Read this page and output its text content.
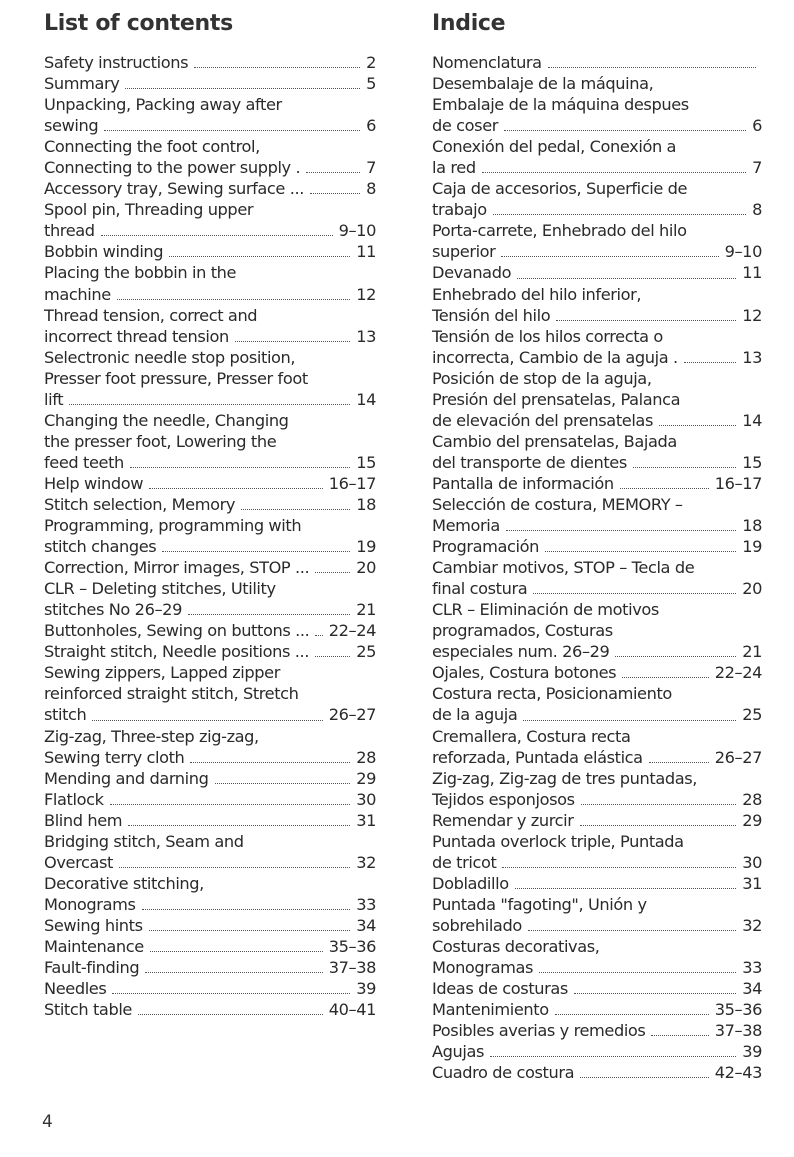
List of contents
Safety instructions	2
Summary	5
Unpacking, Packing away after
sewing	6
Connecting the foot control,
Connecting to the power supply .	7
Accessory tray, Sewing surface ...	8
Spool pin, Threading upper
thread	9–10
Bobbin winding	11
Placing the bobbin in the
machine	12
Thread tension, correct and
incorrect thread tension	13
Selectronic needle stop position,
Presser foot pressure, Presser foot
lift	14
Changing the needle, Changing
the presser foot, Lowering the
feed teeth	15
Help window	16–17
Stitch selection, Memory	18
Programming, programming with
stitch changes	19
Correction, Mirror images, STOP ...	20
CLR – Deleting stitches, Utility
stitches No 26–29	21
Buttonholes, Sewing on buttons ... 22–24
Straight stitch, Needle positions ...	25
Sewing zippers, Lapped zipper
reinforced straight stitch, Stretch
stitch	26–27
Zig-zag, Three-step zig-zag,
Sewing terry cloth	28
Mending and darning	29
Flatlock	30
Blind hem	31
Bridging stitch, Seam and
Overcast	32
Decorative stitching,
Monograms	33
Sewing hints	34
Maintenance	35–36
Fault-finding	37–38
Needles	39
Stitch table	40–41
Indice
Nomenclatura
Desembalaje de la máquina,
Embalaje de la máquina despues
de coser	6
Conexión del pedal, Conexión a
la red	7
Caja de accesorios, Superficie de
trabajo	8
Porta-carrete, Enhebrado del hilo
superior	9–10
Devanado	11
Enhebrado del hilo inferior,
Tensión del hilo	12
Tensión de los hilos correcta o
incorrecta, Cambio de la aguja .	13
Posición de stop de la aguja,
Presión del prensatelas, Palanca
de elevación del prensatelas	14
Cambio del prensatelas, Bajada
del transporte de dientes	15
Pantalla de información	16–17
Selección de costura, MEMORY –
Memoria	18
Programación	19
Cambiar motivos, STOP – Tecla de
final costura	20
CLR – Eliminación de motivos
programados, Costuras
especiales num. 26–29	21
Ojales, Costura botones	22–24
Costura recta, Posicionamiento
de la aguja	25
Cremallera, Costura recta
reforzada, Puntada elástica	26–27
Zig-zag, Zig-zag de tres puntadas,
Tejidos esponjosos	28
Remendar y zurcir	29
Puntada overlock triple, Puntada
de tricot	30
Dobladillo	31
Puntada "fagoting", Unión y
sobrehilado	32
Costuras decorativas,
Monogramas	33
Ideas de costuras	34
Mantenimiento	35–36
Posibles averias y remedios	37–38
Agujas	39
Cuadro de costura	42–43
4
